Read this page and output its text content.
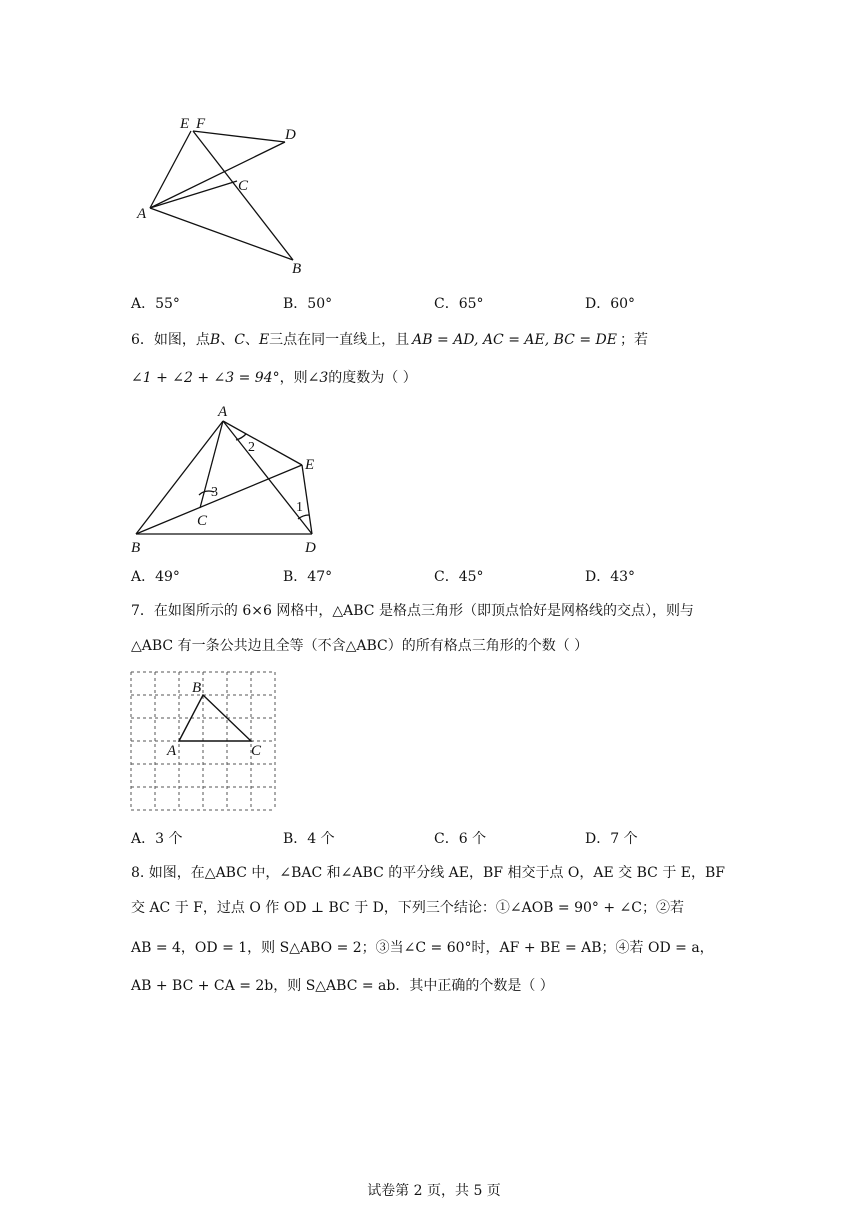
E F
D
C
A
B
A．55°	B．50°	C．65°	D．60°
6．如图，点B、C、E三点在同一直线上，且 AB = AD, AC = AE, BC = DE ；若
∠1 + ∠2 + ∠3 = 94°，则∠3的度数为（ ）
A
E
B
C
D
1
2
3
A．49°	B．47°	C．45°	D．43°
7．在如图所示的 6×6 网格中，△ABC 是格点三角形（即顶点恰好是网格线的交点），则与
△ABC 有一条公共边且全等（不含△ABC）的所有格点三角形的个数（ ）
B
A	C
A．3 个	B．4 个	C．6 个	D．7 个
8. 如图，在△ABC 中，∠BAC 和∠ABC 的平分线 AE，BF 相交于点 O，AE 交 BC 于 E，BF
交 AC 于 F，过点 O 作 OD ⊥ BC 于 D，下列三个结论：①∠AOB = 90° + ∠C；②若
AB = 4，OD = 1，则 S△ABO = 2；③当∠C = 60°时，AF + BE = AB；④若 OD = a，
AB + BC + CA = 2b，则 S△ABC = ab．其中正确的个数是（ ）
试卷第 2 页，共 5 页
